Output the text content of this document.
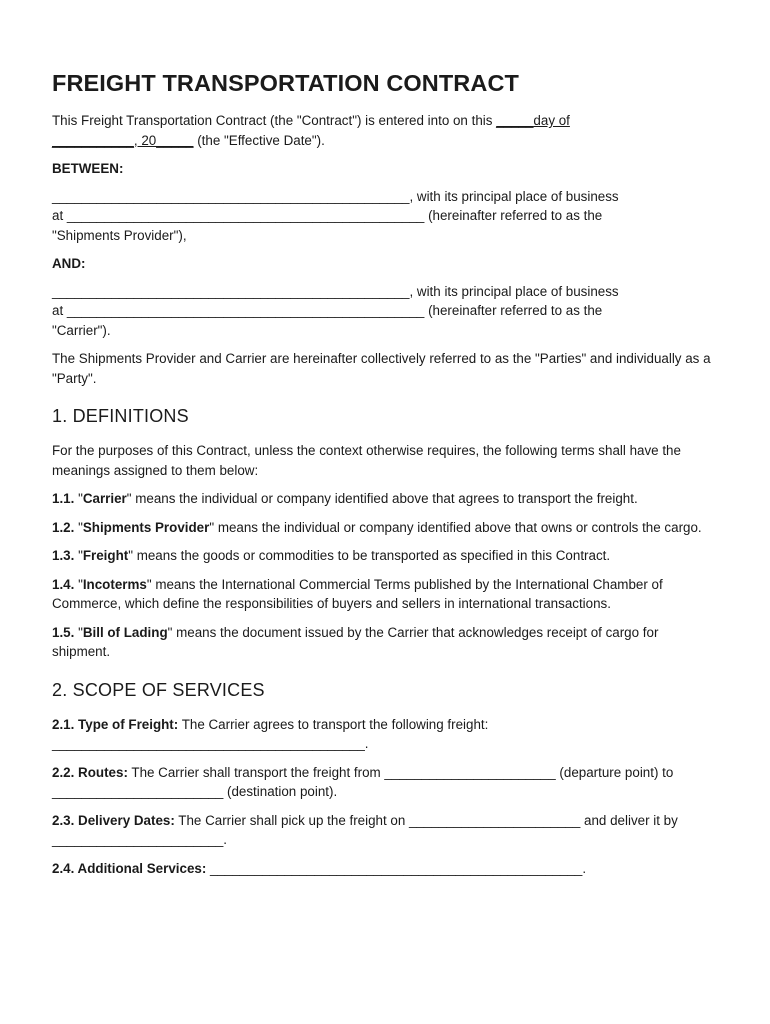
FREIGHT TRANSPORTATION CONTRACT

This Freight Transportation Contract (the "Contract") is entered into on this _____day of
___________, 20_____ (the "Effective Date").

BETWEEN:

________________________________________________, with its principal place of business
at ________________________________________________ (hereinafter referred to as the
"Shipments Provider"),

AND:

________________________________________________, with its principal place of business
at ________________________________________________ (hereinafter referred to as the
"Carrier").

The Shipments Provider and Carrier are hereinafter collectively referred to as the "Parties" and individually as a "Party".

1. DEFINITIONS

For the purposes of this Contract, unless the context otherwise requires, the following terms shall have the meanings assigned to them below:

1.1. "Carrier" means the individual or company identified above that agrees to transport the freight.

1.2. "Shipments Provider" means the individual or company identified above that owns or controls the cargo.

1.3. "Freight" means the goods or commodities to be transported as specified in this Contract.

1.4. "Incoterms" means the International Commercial Terms published by the International Chamber of Commerce, which define the responsibilities of buyers and sellers in international transactions.

1.5. "Bill of Lading" means the document issued by the Carrier that acknowledges receipt of cargo for shipment.

2. SCOPE OF SERVICES

2.1. Type of Freight: The Carrier agrees to transport the following freight: __________________________________________.

2.2. Routes: The Carrier shall transport the freight from _______________________ (departure point) to _______________________ (destination point).

2.3. Delivery Dates: The Carrier shall pick up the freight on _______________________ and deliver it by _______________________.

2.4. Additional Services: __________________________________________________.
